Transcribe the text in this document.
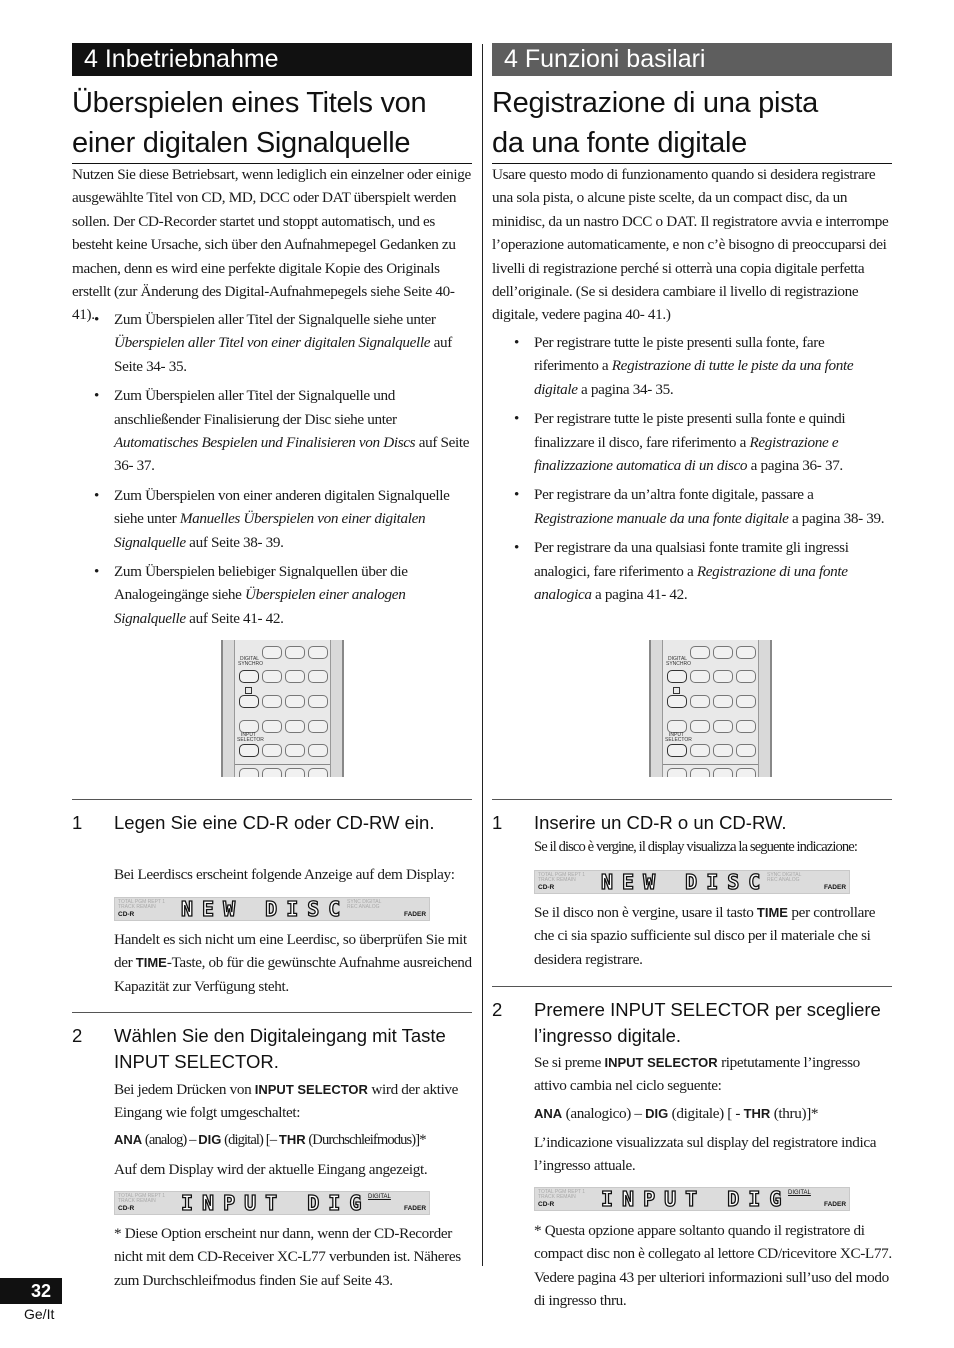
4 Inbetriebnahme
Überspielen eines Titels von
einer digitalen Signalquelle
Nutzen Sie diese Betriebsart, wenn lediglich ein einzelner oder einige ausgewählte Titel von CD, MD, DCC oder DAT überspielt werden sollen. Der CD-Recorder startet und stoppt automatisch, und es besteht keine Ursache, sich über den Aufnahmepegel Gedanken zu machen, denn es wird eine perfekte digitale Kopie des Originals erstellt (zur Änderung des Digital-Aufnahmepegels siehe Seite 40- 41). • Zum Überspielen aller Titel der Signalquelle siehe unter Überspielen aller Titel von einer digitalen Signalquelle auf Seite 34- 35.
• Zum Überspielen aller Titel der Signalquelle und anschließender Finalisierung der Disc siehe unter Automatisches Bespielen und Finalisieren von Discs auf Seite 36- 37.
• Zum Überspielen von einer anderen digitalen Signalquelle siehe unter Manuelles Überspielen von einer digitalen Signalquelle auf Seite 38- 39.
• Zum Überspielen beliebiger Signalquellen über die Analogeingänge siehe Überspielen einer analogen Signalquelle auf Seite 41- 42.
DIGITAL
SYNCHRO
INPUT
SELECTOR
1	Legen Sie eine CD-R oder CD-RW ein.
Bei Leerdiscs erscheint folgende Anzeige auf dem Display:
TOTAL PGM REPT 1
TRACK REMAIN
CD-R NEW DISC
SYNC DIGITAL
REC ANALOG
FADER
Handelt es sich nicht um eine Leerdisc, so überprüfen Sie mit der TIME-Taste, ob für die gewünschte Aufnahme ausreichend Kapazität zur Verfügung steht.
2	Wählen Sie den Digitaleingang mit Taste INPUT SELECTOR.
Bei jedem Drücken von INPUT SELECTOR wird der aktive Eingang wie folgt umgeschaltet:
ANA (analog) – DIG (digital) [– THR (Durchschleifmodus)]*
Auf dem Display wird der aktuelle Eingang angezeigt.
TOTAL PGM REPT 1
TRACK REMAIN
CD-R INPUT DIG
DIGITAL
FADER
* Diese Option erscheint nur dann, wenn der CD-Recorder nicht mit dem CD-Receiver XC-L77 verbunden ist. Näheres zum Durchschleifmodus finden Sie auf Seite 43.
4 Funzioni basilari
Registrazione di una pista
da una fonte digitale
Usare questo modo di funzionamento quando si desidera registrare una sola pista, o alcune piste scelte, da un compact disc, da un minidisc, da un nastro DCC o DAT. Il registratore avvia e interrompe l’operazione automaticamente, e non c’è bisogno di preoccuparsi dei livelli di registrazione perché si otterrà una copia digitale perfetta dell’originale. (Se si desidera cambiare il livello di registrazione digitale, vedere pagina 40- 41.)
• Per registrare tutte le piste presenti sulla fonte, fare riferimento a Registrazione di tutte le piste da una fonte digitale a pagina 34- 35.
• Per registrare tutte le piste presenti sulla fonte e quindi finalizzare il disco, fare riferimento a Registrazione e finalizzazione automatica di un disco a pagina 36- 37.
• Per registrare da un’altra fonte digitale, passare a Registrazione manuale da una fonte digitale a pagina 38- 39.
• Per registrare da una qualsiasi fonte tramite gli ingressi analogici, fare riferimento a Registrazione di una fonte analogica a pagina 41- 42.
DIGITAL
SYNCHRO
INPUT
SELECTOR
1	Inserire un CD-R o un CD-RW.
Se il disco è vergine, il display visualizza la seguente indicazione:
TOTAL PGM REPT 1
TRACK REMAIN
CD-R NEW DISC
SYNC DIGITAL
REC ANALOG
FADER
Se il disco non è vergine, usare il tasto TIME per controllare che ci sia spazio sufficiente sul disco per il materiale che si desidera registrare.
2	Premere INPUT SELECTOR per scegliere l’ingresso digitale.
Se si preme INPUT SELECTOR ripetutamente l’ingresso attivo cambia nel ciclo seguente:
ANA (analogico) – DIG (digitale) [ - THR (thru)]*
L’indicazione visualizzata sul display del registratore indica l’ingresso attuale.
TOTAL PGM REPT 1
TRACK REMAIN
CD-R INPUT DIG
DIGITAL
FADER
* Questa opzione appare soltanto quando il registratore di compact disc non è collegato al lettore CD/ricevitore XC-L77. Vedere pagina 43 per ulteriori informazioni sull’uso del modo di ingresso thru.
32
Ge/It
